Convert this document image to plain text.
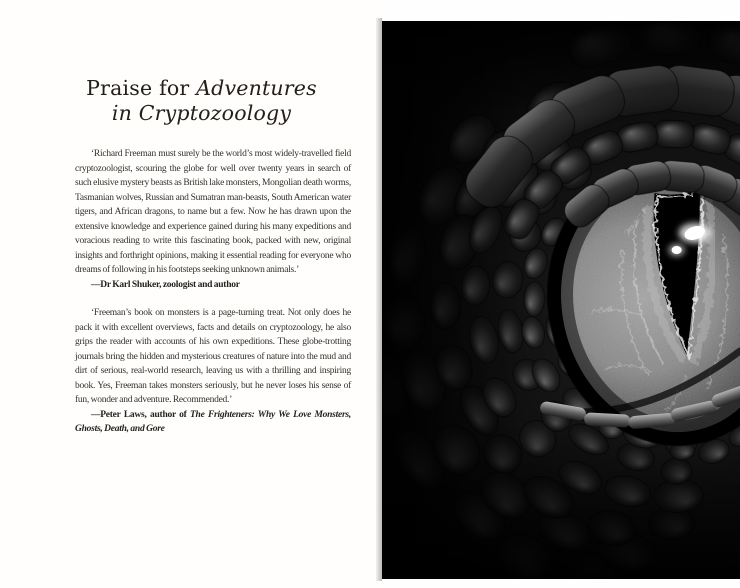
Praise for Adventures
in Cryptozoology

‘Richard Freeman must surely be the world’s most widely-travelled field cryptozoologist, scouring the globe for well over twenty years in search of such elusive mystery beasts as British lake monsters, Mongolian death worms, Tasmanian wolves, Russian and Sumatran man-beasts, South American water tigers, and African dragons, to name but a few. Now he has drawn upon the extensive knowledge and experience gained during his many expeditions and voracious reading to write this fascinating book, packed with new, original insights and forthright opinions, making it essential reading for everyone who dreams of following in his footsteps seeking unknown animals.’

—Dr Karl Shuker, zoologist and author

‘Freeman’s book on monsters is a page-turning treat. Not only does he pack it with excellent overviews, facts and details on cryptozoology, he also grips the reader with accounts of his own expeditions. These globe-trotting journals bring the hidden and mysterious creatures of nature into the mud and dirt of serious, real-world research, leaving us with a thrilling and inspiring book. Yes, Freeman takes monsters seriously, but he never loses his sense of fun, wonder and adventure. Recommended.’

—Peter Laws, author of The Frighteners: Why We Love Monsters, Ghosts, Death, and Gore
